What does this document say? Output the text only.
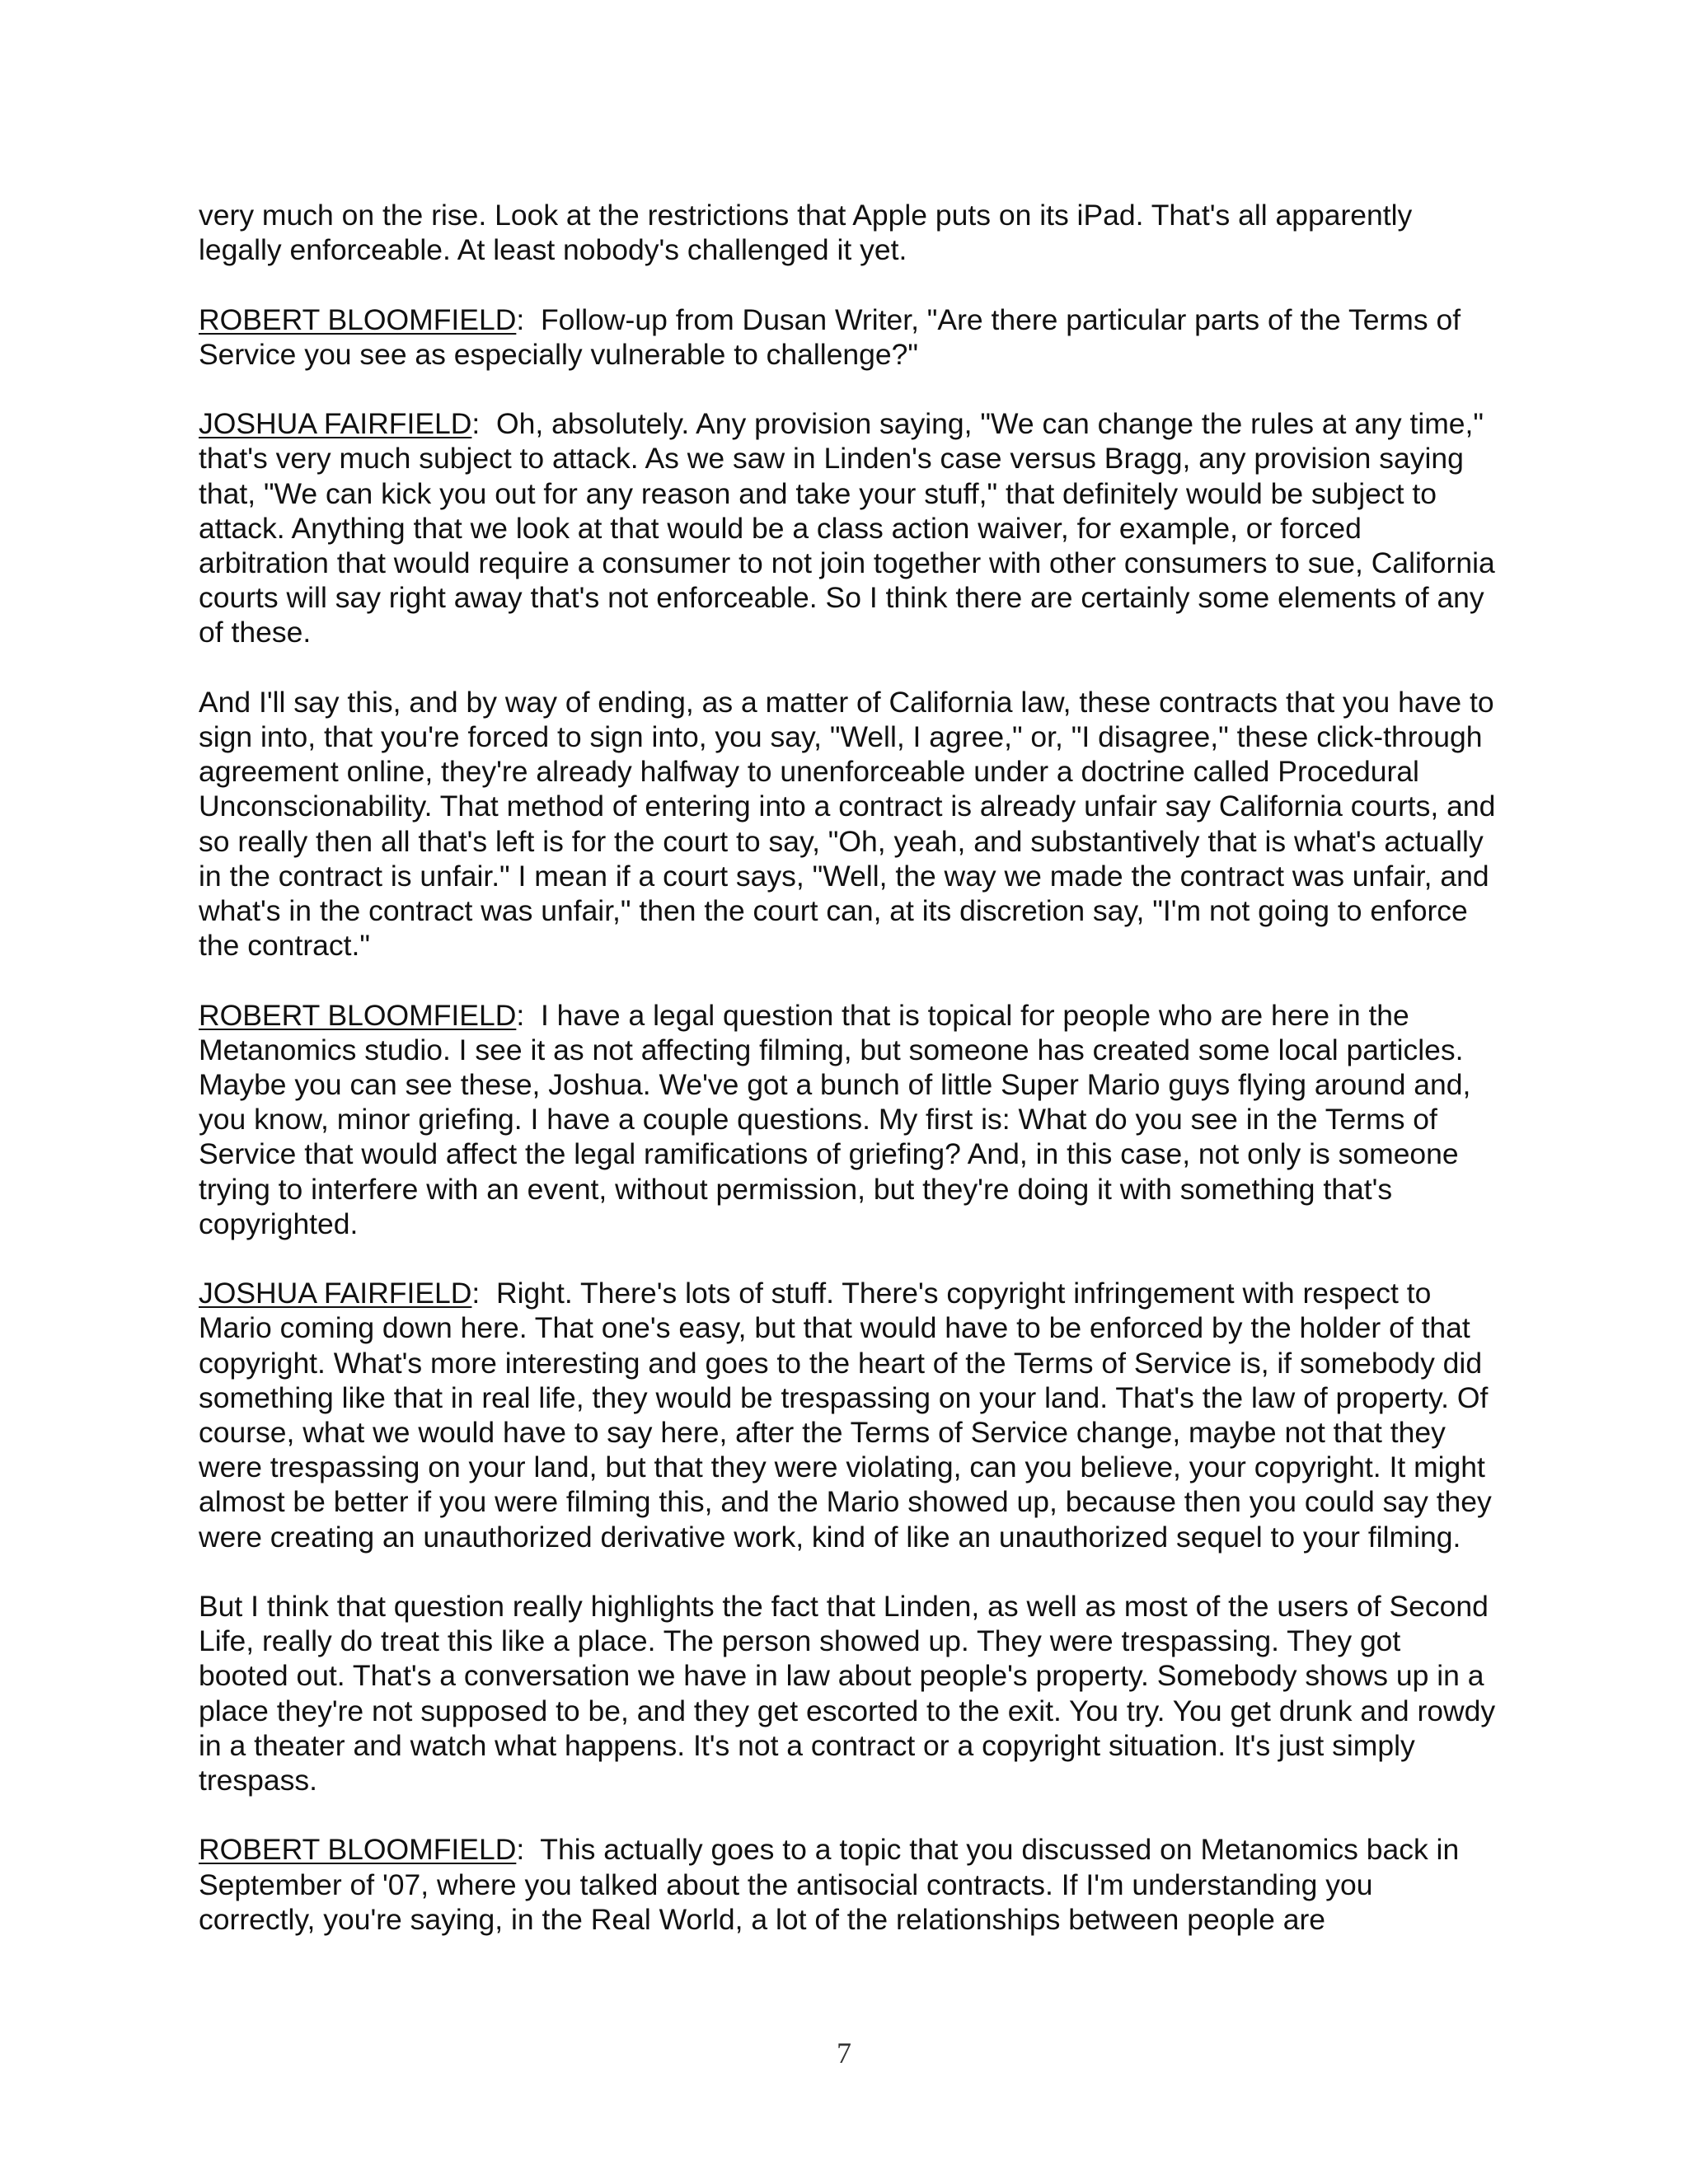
very much on the rise. Look at the restrictions that Apple puts on its iPad. That's all apparently legally enforceable. At least nobody's challenged it yet.

ROBERT BLOOMFIELD:  Follow-up from Dusan Writer, "Are there particular parts of the Terms of Service you see as especially vulnerable to challenge?"

JOSHUA FAIRFIELD:  Oh, absolutely. Any provision saying, "We can change the rules at any time," that's very much subject to attack. As we saw in Linden's case versus Bragg, any provision saying that, "We can kick you out for any reason and take your stuff," that definitely would be subject to attack. Anything that we look at that would be a class action waiver, for example, or forced arbitration that would require a consumer to not join together with other consumers to sue, California courts will say right away that's not enforceable. So I think there are certainly some elements of any of these.

And I'll say this, and by way of ending, as a matter of California law, these contracts that you have to sign into, that you're forced to sign into, you say, "Well, I agree," or, "I disagree," these click-through agreement online, they're already halfway to unenforceable under a doctrine called Procedural Unconscionability. That method of entering into a contract is already unfair say California courts, and so really then all that's left is for the court to say, "Oh, yeah, and substantively that is what's actually in the contract is unfair." I mean if a court says, "Well, the way we made the contract was unfair, and what's in the contract was unfair," then the court can, at its discretion say, "I'm not going to enforce the contract."

ROBERT BLOOMFIELD:  I have a legal question that is topical for people who are here in the Metanomics studio. I see it as not affecting filming, but someone has created some local particles. Maybe you can see these, Joshua. We've got a bunch of little Super Mario guys flying around and, you know, minor griefing. I have a couple questions. My first is: What do you see in the Terms of Service that would affect the legal ramifications of griefing? And, in this case, not only is someone trying to interfere with an event, without permission, but they're doing it with something that's copyrighted.

JOSHUA FAIRFIELD:  Right. There's lots of stuff. There's copyright infringement with respect to Mario coming down here. That one's easy, but that would have to be enforced by the holder of that copyright. What's more interesting and goes to the heart of the Terms of Service is, if somebody did something like that in real life, they would be trespassing on your land. That's the law of property. Of course, what we would have to say here, after the Terms of Service change, maybe not that they were trespassing on your land, but that they were violating, can you believe, your copyright. It might almost be better if you were filming this, and the Mario showed up, because then you could say they were creating an unauthorized derivative work, kind of like an unauthorized sequel to your filming.

But I think that question really highlights the fact that Linden, as well as most of the users of Second Life, really do treat this like a place. The person showed up. They were trespassing. They got booted out. That's a conversation we have in law about people's property. Somebody shows up in a place they're not supposed to be, and they get escorted to the exit. You try. You get drunk and rowdy in a theater and watch what happens. It's not a contract or a copyright situation. It's just simply trespass.

ROBERT BLOOMFIELD:  This actually goes to a topic that you discussed on Metanomics back in September of '07, where you talked about the antisocial contracts. If I'm understanding you correctly, you're saying, in the Real World, a lot of the relationships between people are

7
